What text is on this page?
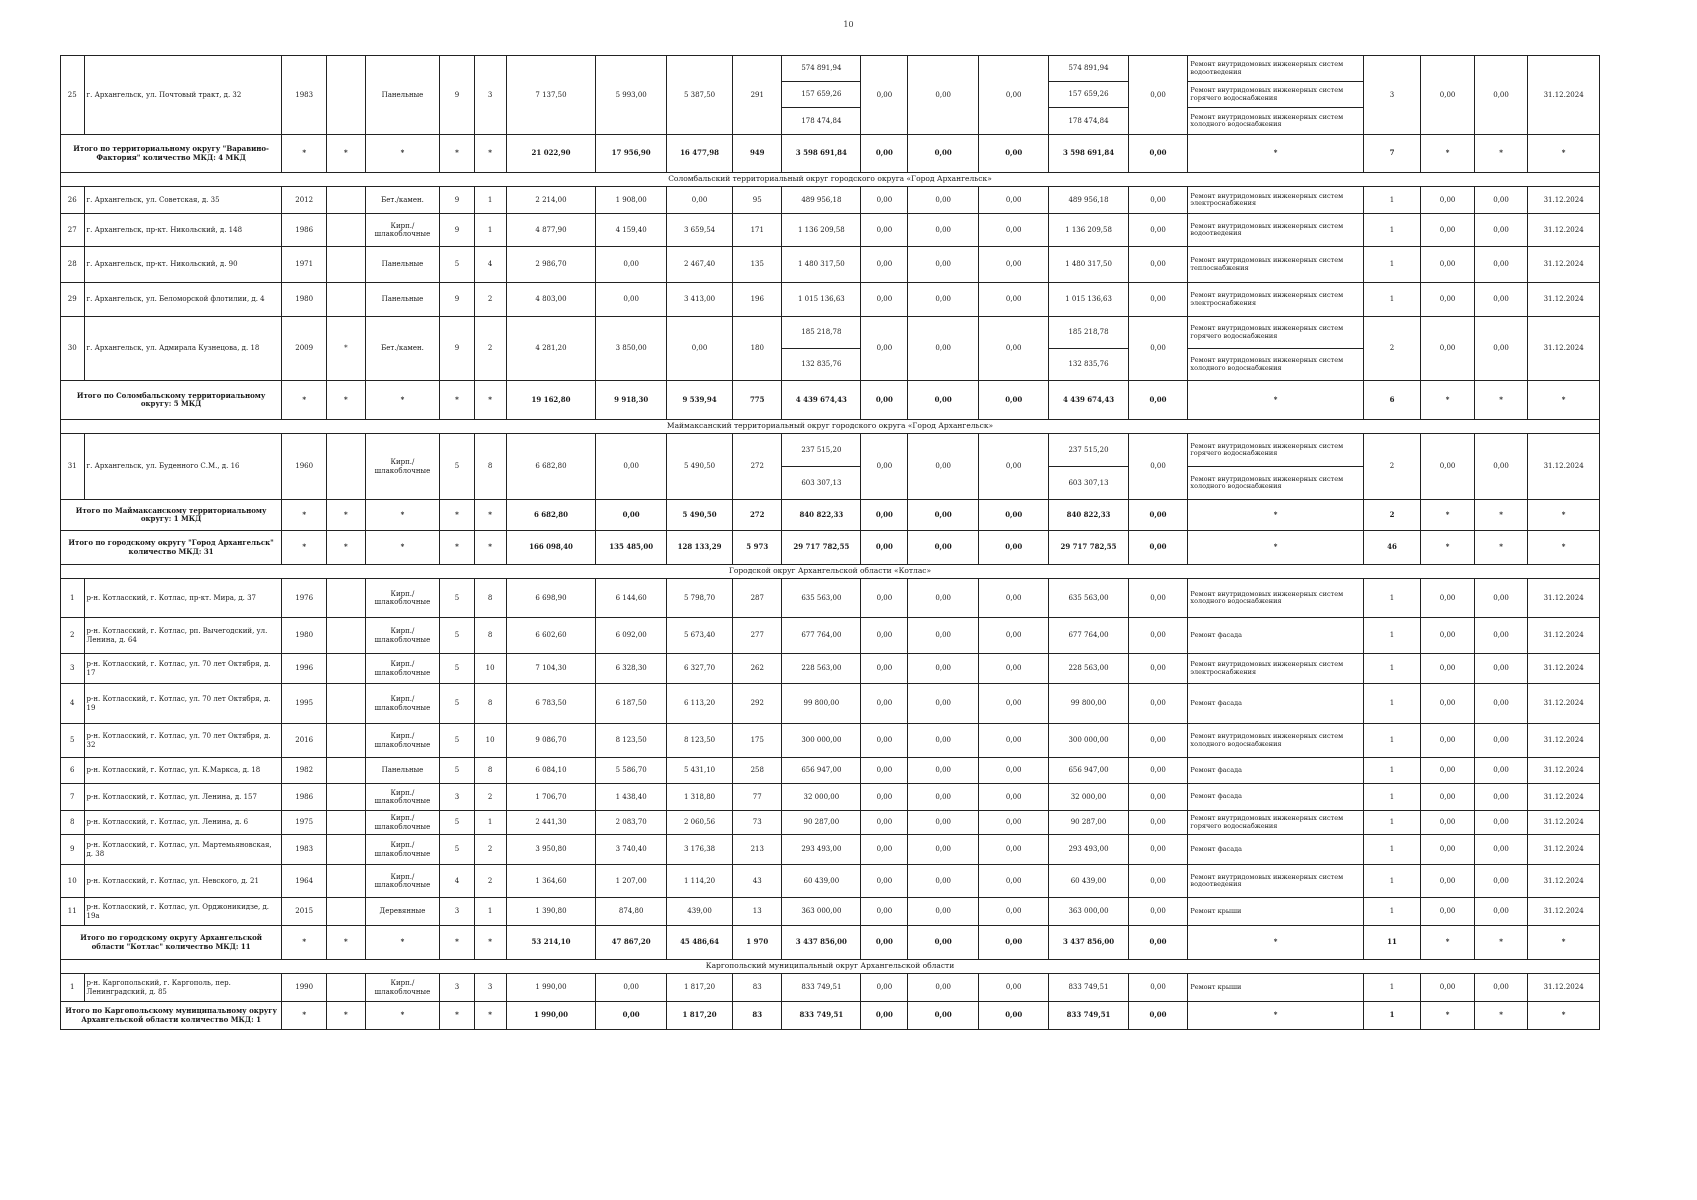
10
25	г. Архангельск, ул. Почтовый тракт, д. 32	1983		Панельные	9	3	7 137,50	5 993,00	5 387,50	291	574 891,94	0,00	0,00	0,00	574 891,94	0,00	Ремонт внутридомовых инженерных систем водоотведения	3	0,00	0,00	31.12.2024
											157 659,26				157 659,26		Ремонт внутридомовых инженерных систем горячего водоснабжения				
											178 474,84				178 474,84		Ремонт внутридомовых инженерных систем холодного водоснабжения				
Итого по территориальному округу "Варавино-Фактория" количество МКД: 4 МКД		*	*	*	*	*	21 022,90	17 956,90	16 477,98	949	3 598 691,84	0,00	0,00	0,00	3 598 691,84	0,00	*	7	*	*	*
Соломбальский территориальный округ городского округа «Город Архангельск»																					
26	г. Архангельск, ул. Советская, д. 35	2012		Бет./камен.	9	1	2 214,00	1 908,00	0,00	95	489 956,18	0,00	0,00	0,00	489 956,18	0,00	Ремонт внутридомовых инженерных систем электроснабжения	1	0,00	0,00	31.12.2024
27	г. Архангельск, пр-кт. Никольский, д. 148	1986		Кирп./ шлакоблочные	9	1	4 877,90	4 159,40	3 659,54	171	1 136 209,58	0,00	0,00	0,00	1 136 209,58	0,00	Ремонт внутридомовых инженерных систем водоотведения	1	0,00	0,00	31.12.2024
28	г. Архангельск, пр-кт. Никольский, д. 90	1971		Панельные	5	4	2 986,70	0,00	2 467,40	135	1 480 317,50	0,00	0,00	0,00	1 480 317,50	0,00	Ремонт внутридомовых инженерных систем теплоснабжения	1	0,00	0,00	31.12.2024
29	г. Архангельск, ул. Беломорской флотилии, д. 4	1980		Панельные	9	2	4 803,00	0,00	3 413,00	196	1 015 136,63	0,00	0,00	0,00	1 015 136,63	0,00	Ремонт внутридомовых инженерных систем электроснабжения	1	0,00	0,00	31.12.2024
30	г. Архангельск, ул. Адмирала Кузнецова, д. 18	2009	*	Бет./камен.	9	2	4 281,20	3 850,00	0,00	180	185 218,78	0,00	0,00	0,00	185 218,78	0,00	Ремонт внутридомовых инженерных систем горячего водоснабжения	2	0,00	0,00	31.12.2024
											132 835,76				132 835,76		Ремонт внутридомовых инженерных систем холодного водоснабжения				
Итого по Соломбальскому территориальному округу: 5 МКД		*	*	*	*	*	19 162,80	9 918,30	9 539,94	775	4 439 674,43	0,00	0,00	0,00	4 439 674,43	0,00	*	6	*	*	*
Маймаксанский территориальный округ городского округа «Город Архангельск»																					
31	г. Архангельск, ул. Буденного С.М., д. 16	1960		Кирп./ шлакоблочные	5	8	6 682,80	0,00	5 490,50	272	237 515,20	0,00	0,00	0,00	237 515,20	0,00	Ремонт внутридомовых инженерных систем горячего водоснабжения	2	0,00	0,00	31.12.2024
											603 307,13				603 307,13		Ремонт внутридомовых инженерных систем холодного водоснабжения				
Итого по Маймаксанскому территориальному округу: 1 МКД		*	*	*	*	*	6 682,80	0,00	5 490,50	272	840 822,33	0,00	0,00	0,00	840 822,33	0,00	*	2	*	*	*
Итого по городскому округу "Город Архангельск" количество МКД: 31		*	*	*	*	*	166 098,40	135 485,00	128 133,29	5 973	29 717 782,55	0,00	0,00	0,00	29 717 782,55	0,00	*	46	*	*	*
Городской округ Архангельской области «Котлас»																					
1	р-н. Котласский, г. Котлас, пр-кт. Мира, д. 37	1976		Кирп./ шлакоблочные	5	8	6 698,90	6 144,60	5 798,70	287	635 563,00	0,00	0,00	0,00	635 563,00	0,00	Ремонт внутридомовых инженерных систем холодного водоснабжения	1	0,00	0,00	31.12.2024
2	р-н. Котласский, г. Котлас, рп. Вычегодский, ул. Ленина, д. 64	1980		Кирп./ шлакоблочные	5	8	6 602,60	6 092,00	5 673,40	277	677 764,00	0,00	0,00	0,00	677 764,00	0,00	Ремонт фасада	1	0,00	0,00	31.12.2024
3	р-н. Котласский, г. Котлас, ул. 70 лет Октября, д. 17	1996		Кирп./ шлакоблочные	5	10	7 104,30	6 328,30	6 327,70	262	228 563,00	0,00	0,00	0,00	228 563,00	0,00	Ремонт внутридомовых инженерных систем электроснабжения	1	0,00	0,00	31.12.2024
4	р-н. Котласский, г. Котлас, ул. 70 лет Октября, д. 19	1995		Кирп./ шлакоблочные	5	8	6 783,50	6 187,50	6 113,20	292	99 800,00	0,00	0,00	0,00	99 800,00	0,00	Ремонт фасада	1	0,00	0,00	31.12.2024
5	р-н. Котласский, г. Котлас, ул. 70 лет Октября, д. 32	2016		Кирп./ шлакоблочные	5	10	9 086,70	8 123,50	8 123,50	175	300 000,00	0,00	0,00	0,00	300 000,00	0,00	Ремонт внутридомовых инженерных систем холодного водоснабжения	1	0,00	0,00	31.12.2024
6	р-н. Котласский, г. Котлас, ул. К.Маркса, д. 18	1982		Панельные	5	8	6 084,10	5 586,70	5 431,10	258	656 947,00	0,00	0,00	0,00	656 947,00	0,00	Ремонт фасада	1	0,00	0,00	31.12.2024
7	р-н. Котласский, г. Котлас, ул. Ленина, д. 157	1986		Кирп./ шлакоблочные	3	2	1 706,70	1 438,40	1 318,80	77	32 000,00	0,00	0,00	0,00	32 000,00	0,00	Ремонт фасада	1	0,00	0,00	31.12.2024
8	р-н. Котласский, г. Котлас, ул. Ленина, д. 6	1975		Кирп./ шлакоблочные	5	1	2 441,30	2 083,70	2 060,56	73	90 287,00	0,00	0,00	0,00	90 287,00	0,00	Ремонт внутридомовых инженерных систем горячего водоснабжения	1	0,00	0,00	31.12.2024
9	р-н. Котласский, г. Котлас, ул. Мартемьяновская, д. 38	1983		Кирп./ шлакоблочные	5	2	3 950,80	3 740,40	3 176,38	213	293 493,00	0,00	0,00	0,00	293 493,00	0,00	Ремонт фасада	1	0,00	0,00	31.12.2024
10	р-н. Котласский, г. Котлас, ул. Невского, д. 21	1964		Кирп./ шлакоблочные	4	2	1 364,60	1 207,00	1 114,20	43	60 439,00	0,00	0,00	0,00	60 439,00	0,00	Ремонт внутридомовых инженерных систем водоотведения	1	0,00	0,00	31.12.2024
11	р-н. Котласский, г. Котлас, ул. Орджоникидзе, д. 19а	2015		Деревянные	3	1	1 390,80	874,80	439,00	13	363 000,00	0,00	0,00	0,00	363 000,00	0,00	Ремонт крыши	1	0,00	0,00	31.12.2024
Итого по городскому округу Архангельской области "Котлас" количество МКД: 11		*	*	*	*	*	53 214,10	47 867,20	45 486,64	1 970	3 437 856,00	0,00	0,00	0,00	3 437 856,00	0,00	*	11	*	*	*
Каргопольский муниципальный округ Архангельской области																					
1	р-н. Каргопольский, г. Каргополь, пер. Ленинградский, д. 85	1990		Кирп./ шлакоблочные	3	3	1 990,00	0,00	1 817,20	83	833 749,51	0,00	0,00	0,00	833 749,51	0,00	Ремонт крыши	1	0,00	0,00	31.12.2024
Итого по Каргопольскому муниципальному округу Архангельской области количество МКД: 1		*	*	*	*	*	1 990,00	0,00	1 817,20	83	833 749,51	0,00	0,00	0,00	833 749,51	0,00	*	1	*	*	*
